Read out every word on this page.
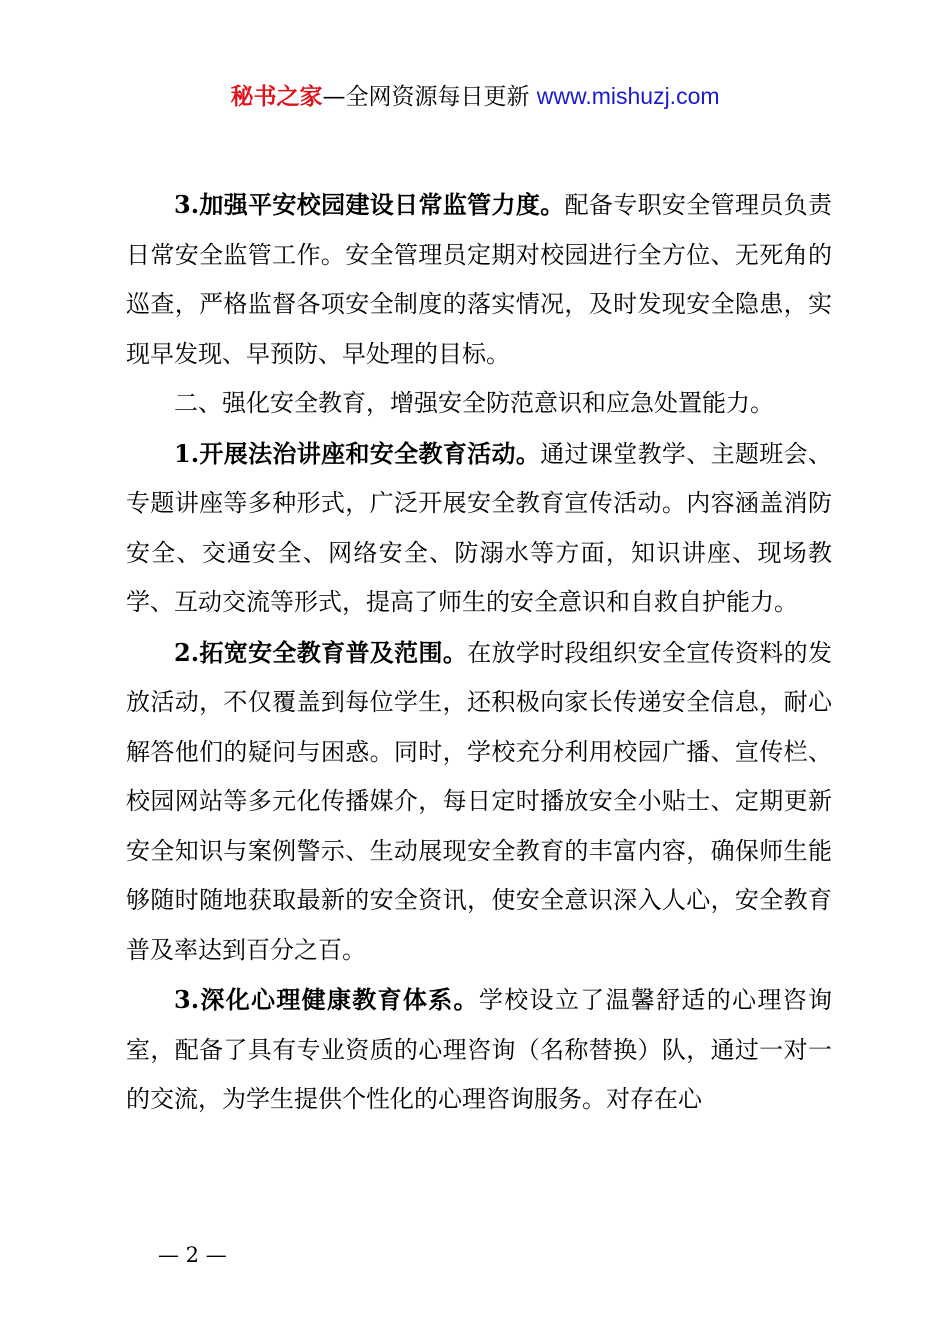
秘书之家—全网资源每日更新 www.mishuzj.com

3.加强平安校园建设日常监管力度。配备专职安全管理员负责日常安全监管工作。安全管理员定期对校园进行全方位、无死角的巡查，严格监督各项安全制度的落实情况，及时发现安全隐患，实现早发现、早预防、早处理的目标。

二、强化安全教育，增强安全防范意识和应急处置能力。

1.开展法治讲座和安全教育活动。通过课堂教学、主题班会、专题讲座等多种形式，广泛开展安全教育宣传活动。内容涵盖消防安全、交通安全、网络安全、防溺水等方面，知识讲座、现场教学、互动交流等形式，提高了师生的安全意识和自救自护能力。

2.拓宽安全教育普及范围。在放学时段组织安全宣传资料的发放活动，不仅覆盖到每位学生，还积极向家长传递安全信息，耐心解答他们的疑问与困惑。同时，学校充分利用校园广播、宣传栏、校园网站等多元化传播媒介，每日定时播放安全小贴士、定期更新安全知识与案例警示、生动展现安全教育的丰富内容，确保师生能够随时随地获取最新的安全资讯，使安全意识深入人心，安全教育普及率达到百分之百。

3.深化心理健康教育体系。学校设立了温馨舒适的心理咨询室，配备了具有专业资质的心理咨询（名称替换）队，通过一对一的交流，为学生提供个性化的心理咨询服务。对存在心

— 2 —
